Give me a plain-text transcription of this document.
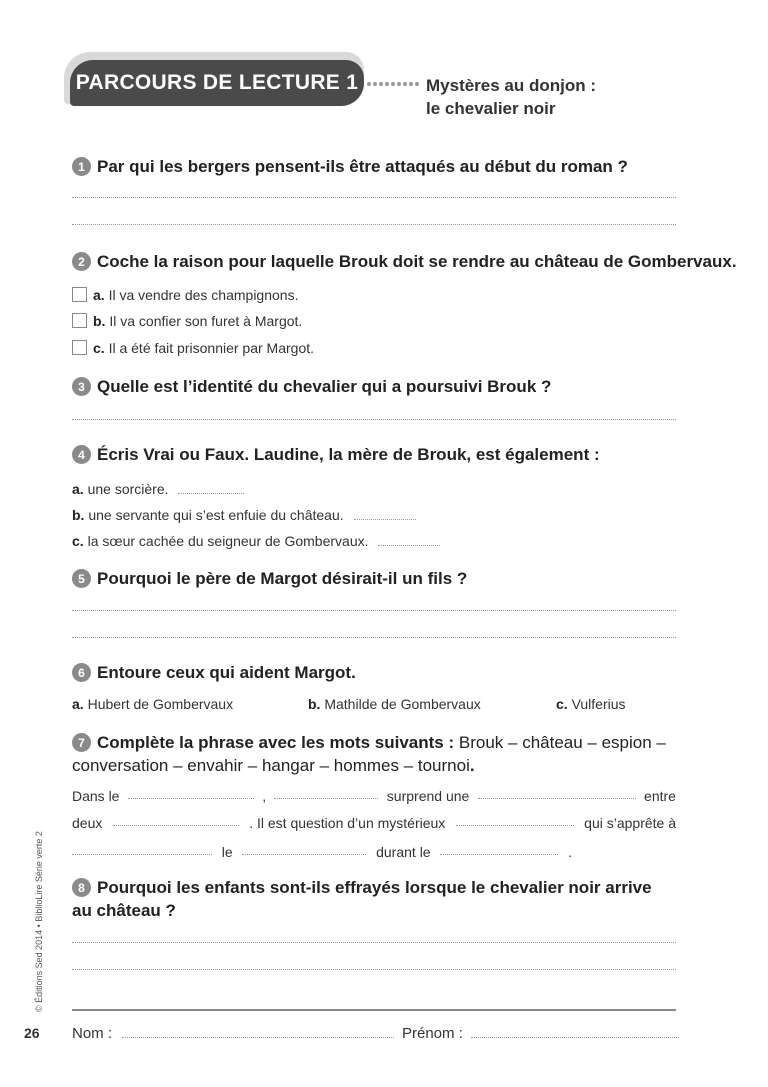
PARCOURS DE LECTURE 1	Mystères au donjon :
le chevalier noir
1 Par qui les bergers pensent-ils être attaqués au début du roman ?
2 Coche la raison pour laquelle Brouk doit se rendre au château de Gombervaux.
a. Il va vendre des champignons.
b. Il va confier son furet à Margot.
c. Il a été fait prisonnier par Margot.
3 Quelle est l’identité du chevalier qui a poursuivi Brouk ?
4 Écris Vrai ou Faux. Laudine, la mère de Brouk, est également :
a. une sorcière.
b. une servante qui s’est enfuie du château.
c. la sœur cachée du seigneur de Gombervaux.
5 Pourquoi le père de Margot désirait-il un fils ?
6 Entoure ceux qui aident Margot.
a. Hubert de Gombervaux	b. Mathilde de Gombervaux	c. Vulferius
7 Complète la phrase avec les mots suivants : Brouk – château – espion –
conversation – envahir – hangar – hommes – tournoi .
Dans le	,	surprend une	entre
deux	. Il est question d’un mystérieux	qui s’apprête à
le	durant le	.
8 Pourquoi les enfants sont-ils effrayés lorsque le chevalier noir arrive
au château ?
26 Nom :	Prénom :
© Éditions Sed 2014 • BiblioLire Série verte 2
